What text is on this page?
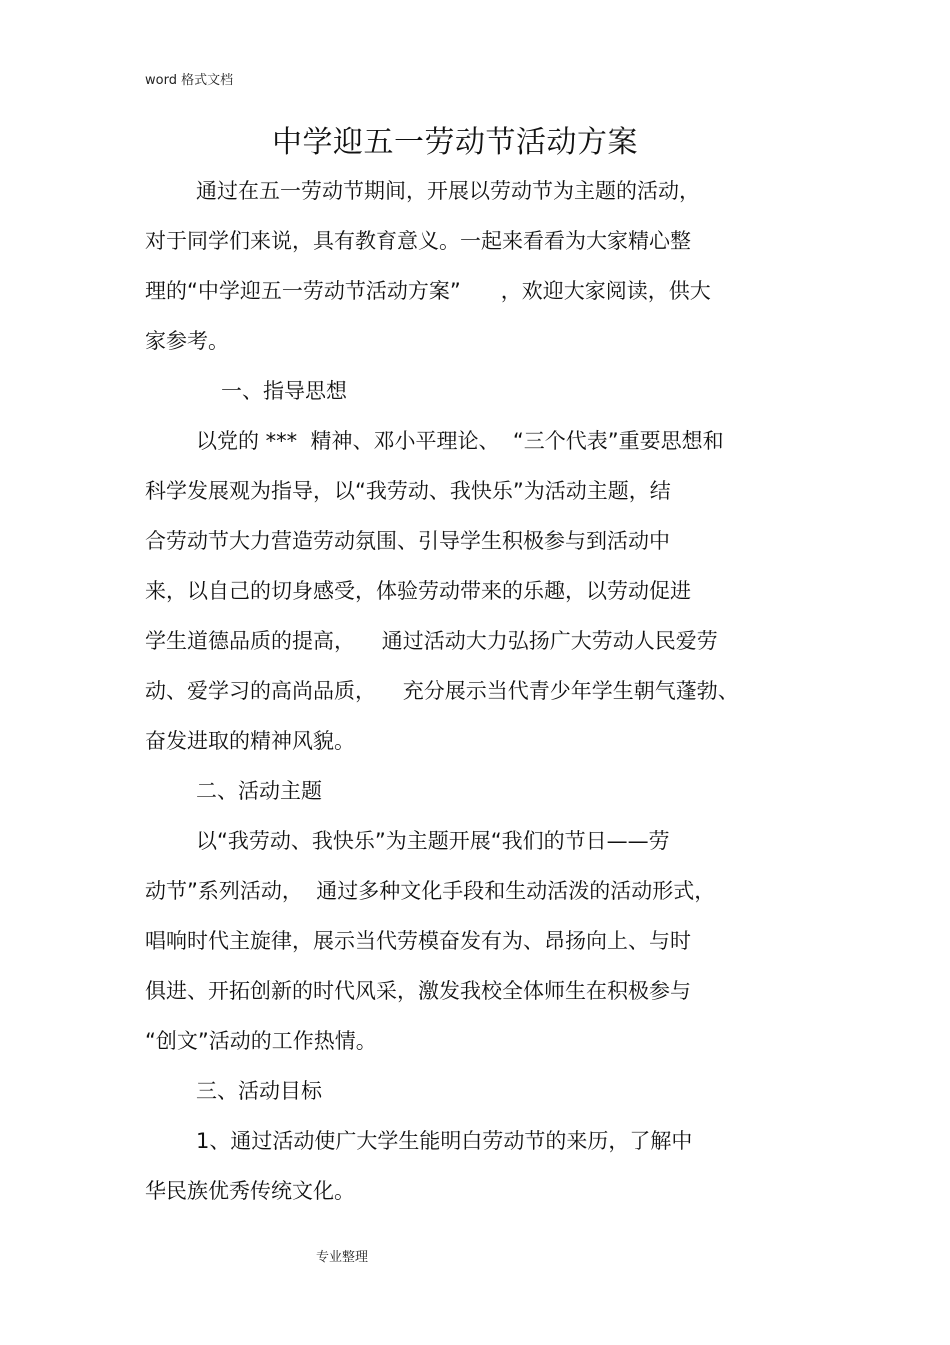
word 格式文档
中学迎五一劳动节活动方案
通过在五一劳动节期间，开展以劳动节为主题的活动，
对于同学们来说，具有教育意义。一起来看看为大家精心整
理的“中学迎五一劳动节活动方案”      ，欢迎大家阅读，供大
家参考。
一、指导思想
以党的 ***  精神、邓小平理论、  “三个代表”重要思想和
科学发展观为指导，以“我劳动、我快乐”为活动主题，结
合劳动节大力营造劳动氛围、引导学生积极参与到活动中
来，以自己的切身感受，体验劳动带来的乐趣，以劳动促进
学生道德品质的提高，    通过活动大力弘扬广大劳动人民爱劳
动、爱学习的高尚品质，    充分展示当代青少年学生朝气蓬勃、
奋发进取的精神风貌。
二、活动主题
以“我劳动、我快乐”为主题开展“我们的节日——劳
动节”系列活动，  通过多种文化手段和生动活泼的活动形式，
唱响时代主旋律，展示当代劳模奋发有为、昂扬向上、与时
俱进、开拓创新的时代风采，激发我校全体师生在积极参与
“创文”活动的工作热情。
三、活动目标
1、通过活动使广大学生能明白劳动节的来历，了解中
华民族优秀传统文化。
专业整理
